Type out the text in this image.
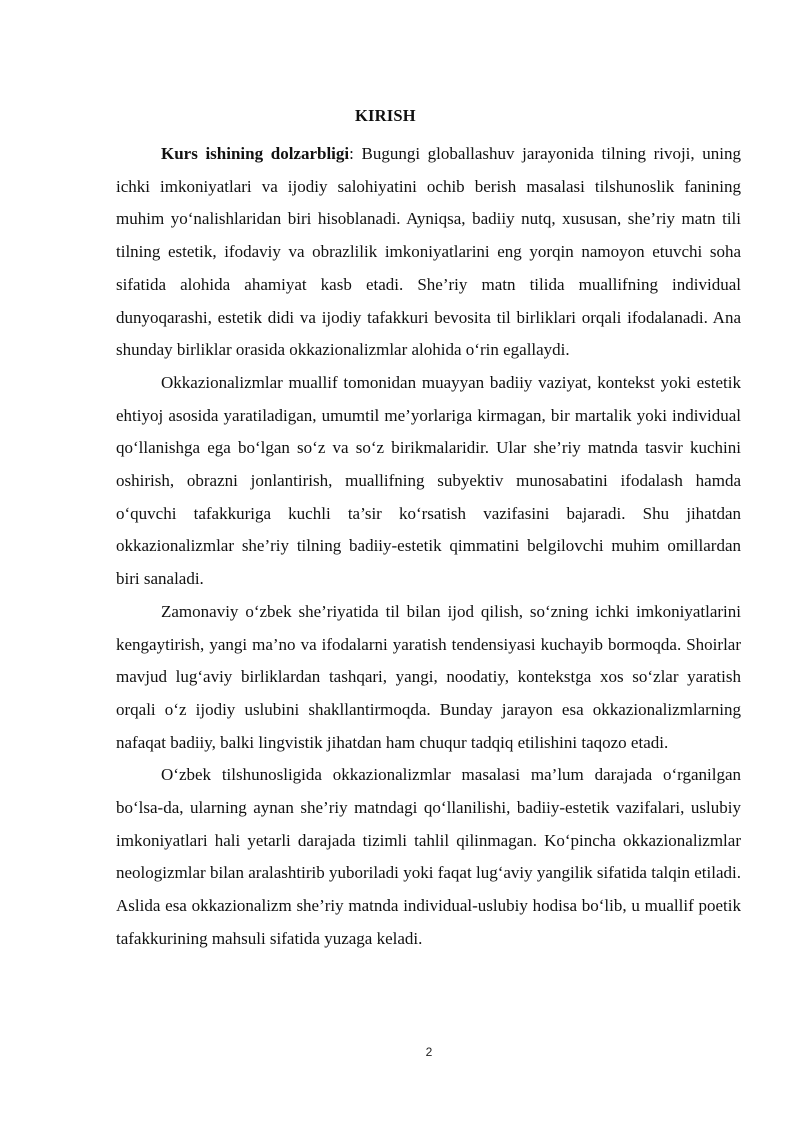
KIRISH

Kurs ishining dolzarbligi: Bugungi globallashuv jarayonida tilning rivoji, uning ichki imkoniyatlari va ijodiy salohiyatini ochib berish masalasi tilshunoslik fanining muhim yo‘nalishlaridan biri hisoblanadi. Ayniqsa, badiiy nutq, xususan, she’riy matn tili tilning estetik, ifodaviy va obrazlilik imkoniyatlarini eng yorqin namoyon etuvchi soha sifatida alohida ahamiyat kasb etadi. She’riy matn tilida muallifning individual dunyoqarashi, estetik didi va ijodiy tafakkuri bevosita til birliklari orqali ifodalanadi. Ana shunday birliklar orasida okkazionalizmlar alohida o‘rin egallaydi.

Okkazionalizmlar muallif tomonidan muayyan badiiy vaziyat, kontekst yoki estetik ehtiyoj asosida yaratiladigan, umumtil me’yorlariga kirmagan, bir martalik yoki individual qo‘llanishga ega bo‘lgan so‘z va so‘z birikmalaridir. Ular she’riy matnda tasvir kuchini oshirish, obrazni jonlantirish, muallifning subyektiv munosabatini ifodalash hamda o‘quvchi tafakkuriga kuchli ta’sir ko‘rsatish vazifasini bajaradi. Shu jihatdan okkazionalizmlar she’riy tilning badiiy-estetik qimmatini belgilovchi muhim omillardan biri sanaladi.

Zamonaviy o‘zbek she’riyatida til bilan ijod qilish, so‘zning ichki imkoniyatlarini kengaytirish, yangi ma’no va ifodalarni yaratish tendensiyasi kuchayib bormoqda. Shoirlar mavjud lug‘aviy birliklardan tashqari, yangi, noodatiy, kontekstga xos so‘zlar yaratish orqali o‘z ijodiy uslubini shakllantirmoqda. Bunday jarayon esa okkazionalizmlarning nafaqat badiiy, balki lingvistik jihatdan ham chuqur tadqiq etilishini taqozo etadi.

O‘zbek tilshunosligida okkazionalizmlar masalasi ma’lum darajada o‘rganilgan bo‘lsa-da, ularning aynan she’riy matndagi qo‘llanilishi, badiiy-estetik vazifalari, uslubiy imkoniyatlari hali yetarli darajada tizimli tahlil qilinmagan. Ko‘pincha okkazionalizmlar neologizmlar bilan aralashtirib yuboriladi yoki faqat lug‘aviy yangilik sifatida talqin etiladi. Aslida esa okkazionalizm she’riy matnda individual-uslubiy hodisa bo‘lib, u muallif poetik tafakkurining mahsuli sifatida yuzaga keladi.

2
